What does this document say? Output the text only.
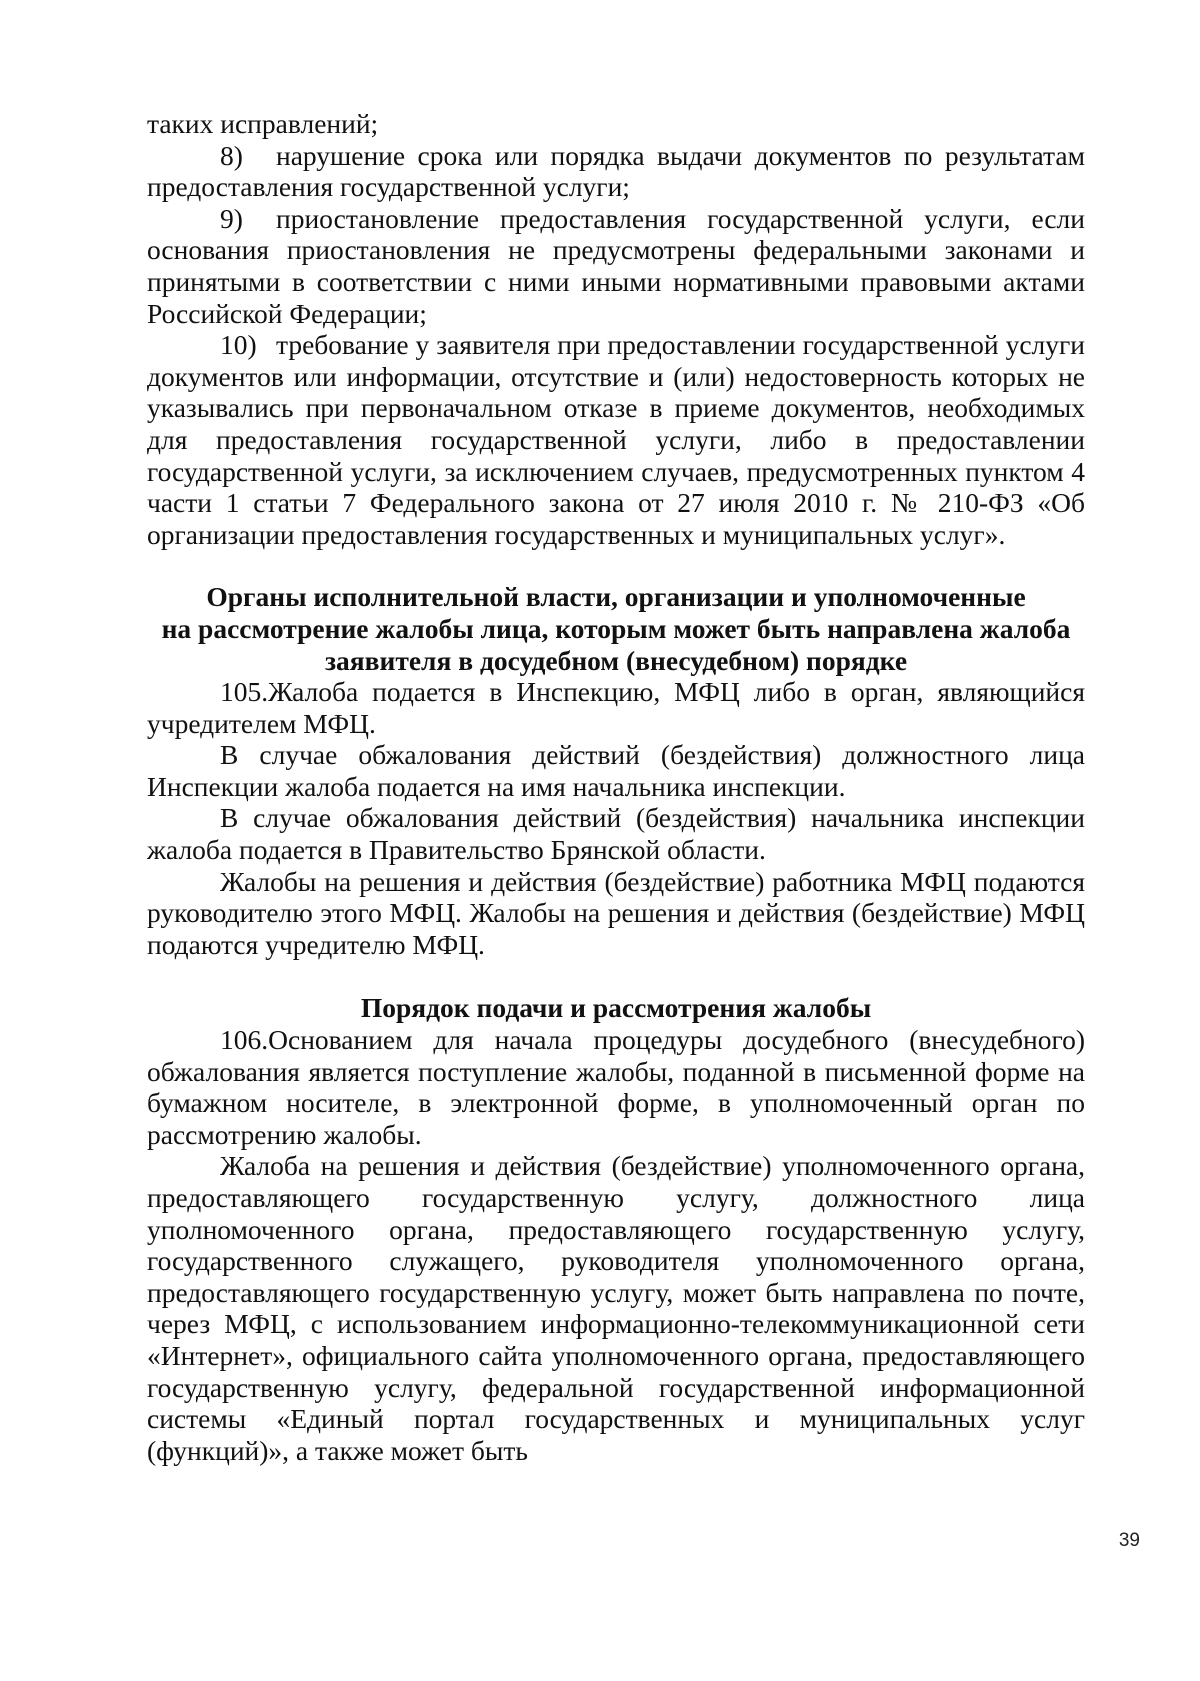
таких исправлений;

8) нарушение срока или порядка выдачи документов по результатам предоставления государственной услуги;

9) приостановление предоставления государственной услуги, если основания приостановления не предусмотрены федеральными законами и принятыми в соответствии с ними иными нормативными правовыми актами Российской Федерации;

10) требование у заявителя при предоставлении государственной услуги документов или информации, отсутствие и (или) недостоверность которых не указывались при первоначальном отказе в приеме документов, необходимых для предоставления государственной услуги, либо в предоставлении государственной услуги, за исключением случаев, предусмотренных пунктом 4 части 1 статьи 7 Федерального закона от 27 июля 2010 г. № 210-ФЗ «Об организации предоставления государственных и муниципальных услуг».

Органы исполнительной власти, организации и уполномоченные

на рассмотрение жалобы лица, которым может быть направлена жалоба

заявителя в досудебном (внесудебном) порядке

105.Жалоба подается в Инспекцию, МФЦ либо в орган, являющийся учредителем МФЦ.

В случае обжалования действий (бездействия) должностного лица Инспекции жалоба подается на имя начальника инспекции.

В случае обжалования действий (бездействия) начальника инспекции жалоба подается в Правительство Брянской области.

Жалобы на решения и действия (бездействие) работника МФЦ подаются руководителю этого МФЦ. Жалобы на решения и действия (бездействие) МФЦ подаются учредителю МФЦ.

Порядок подачи и рассмотрения жалобы

106.Основанием для начала процедуры досудебного (внесудебного) обжалования является поступление жалобы, поданной в письменной форме на бумажном носителе, в электронной форме, в уполномоченный орган по рассмотрению жалобы.

Жалоба на решения и действия (бездействие) уполномоченного органа, предоставляющего государственную услугу, должностного лица уполномоченного органа, предоставляющего государственную услугу, государственного служащего, руководителя уполномоченного органа, предоставляющего государственную услугу, может быть направлена по почте, через МФЦ, с использованием информационно-телекоммуникационной сети «Интернет», официального сайта уполномоченного органа, предоставляющего государственную услугу, федеральной государственной информационной системы «Единый портал государственных и муниципальных услуг (функций)», а также может быть

39
